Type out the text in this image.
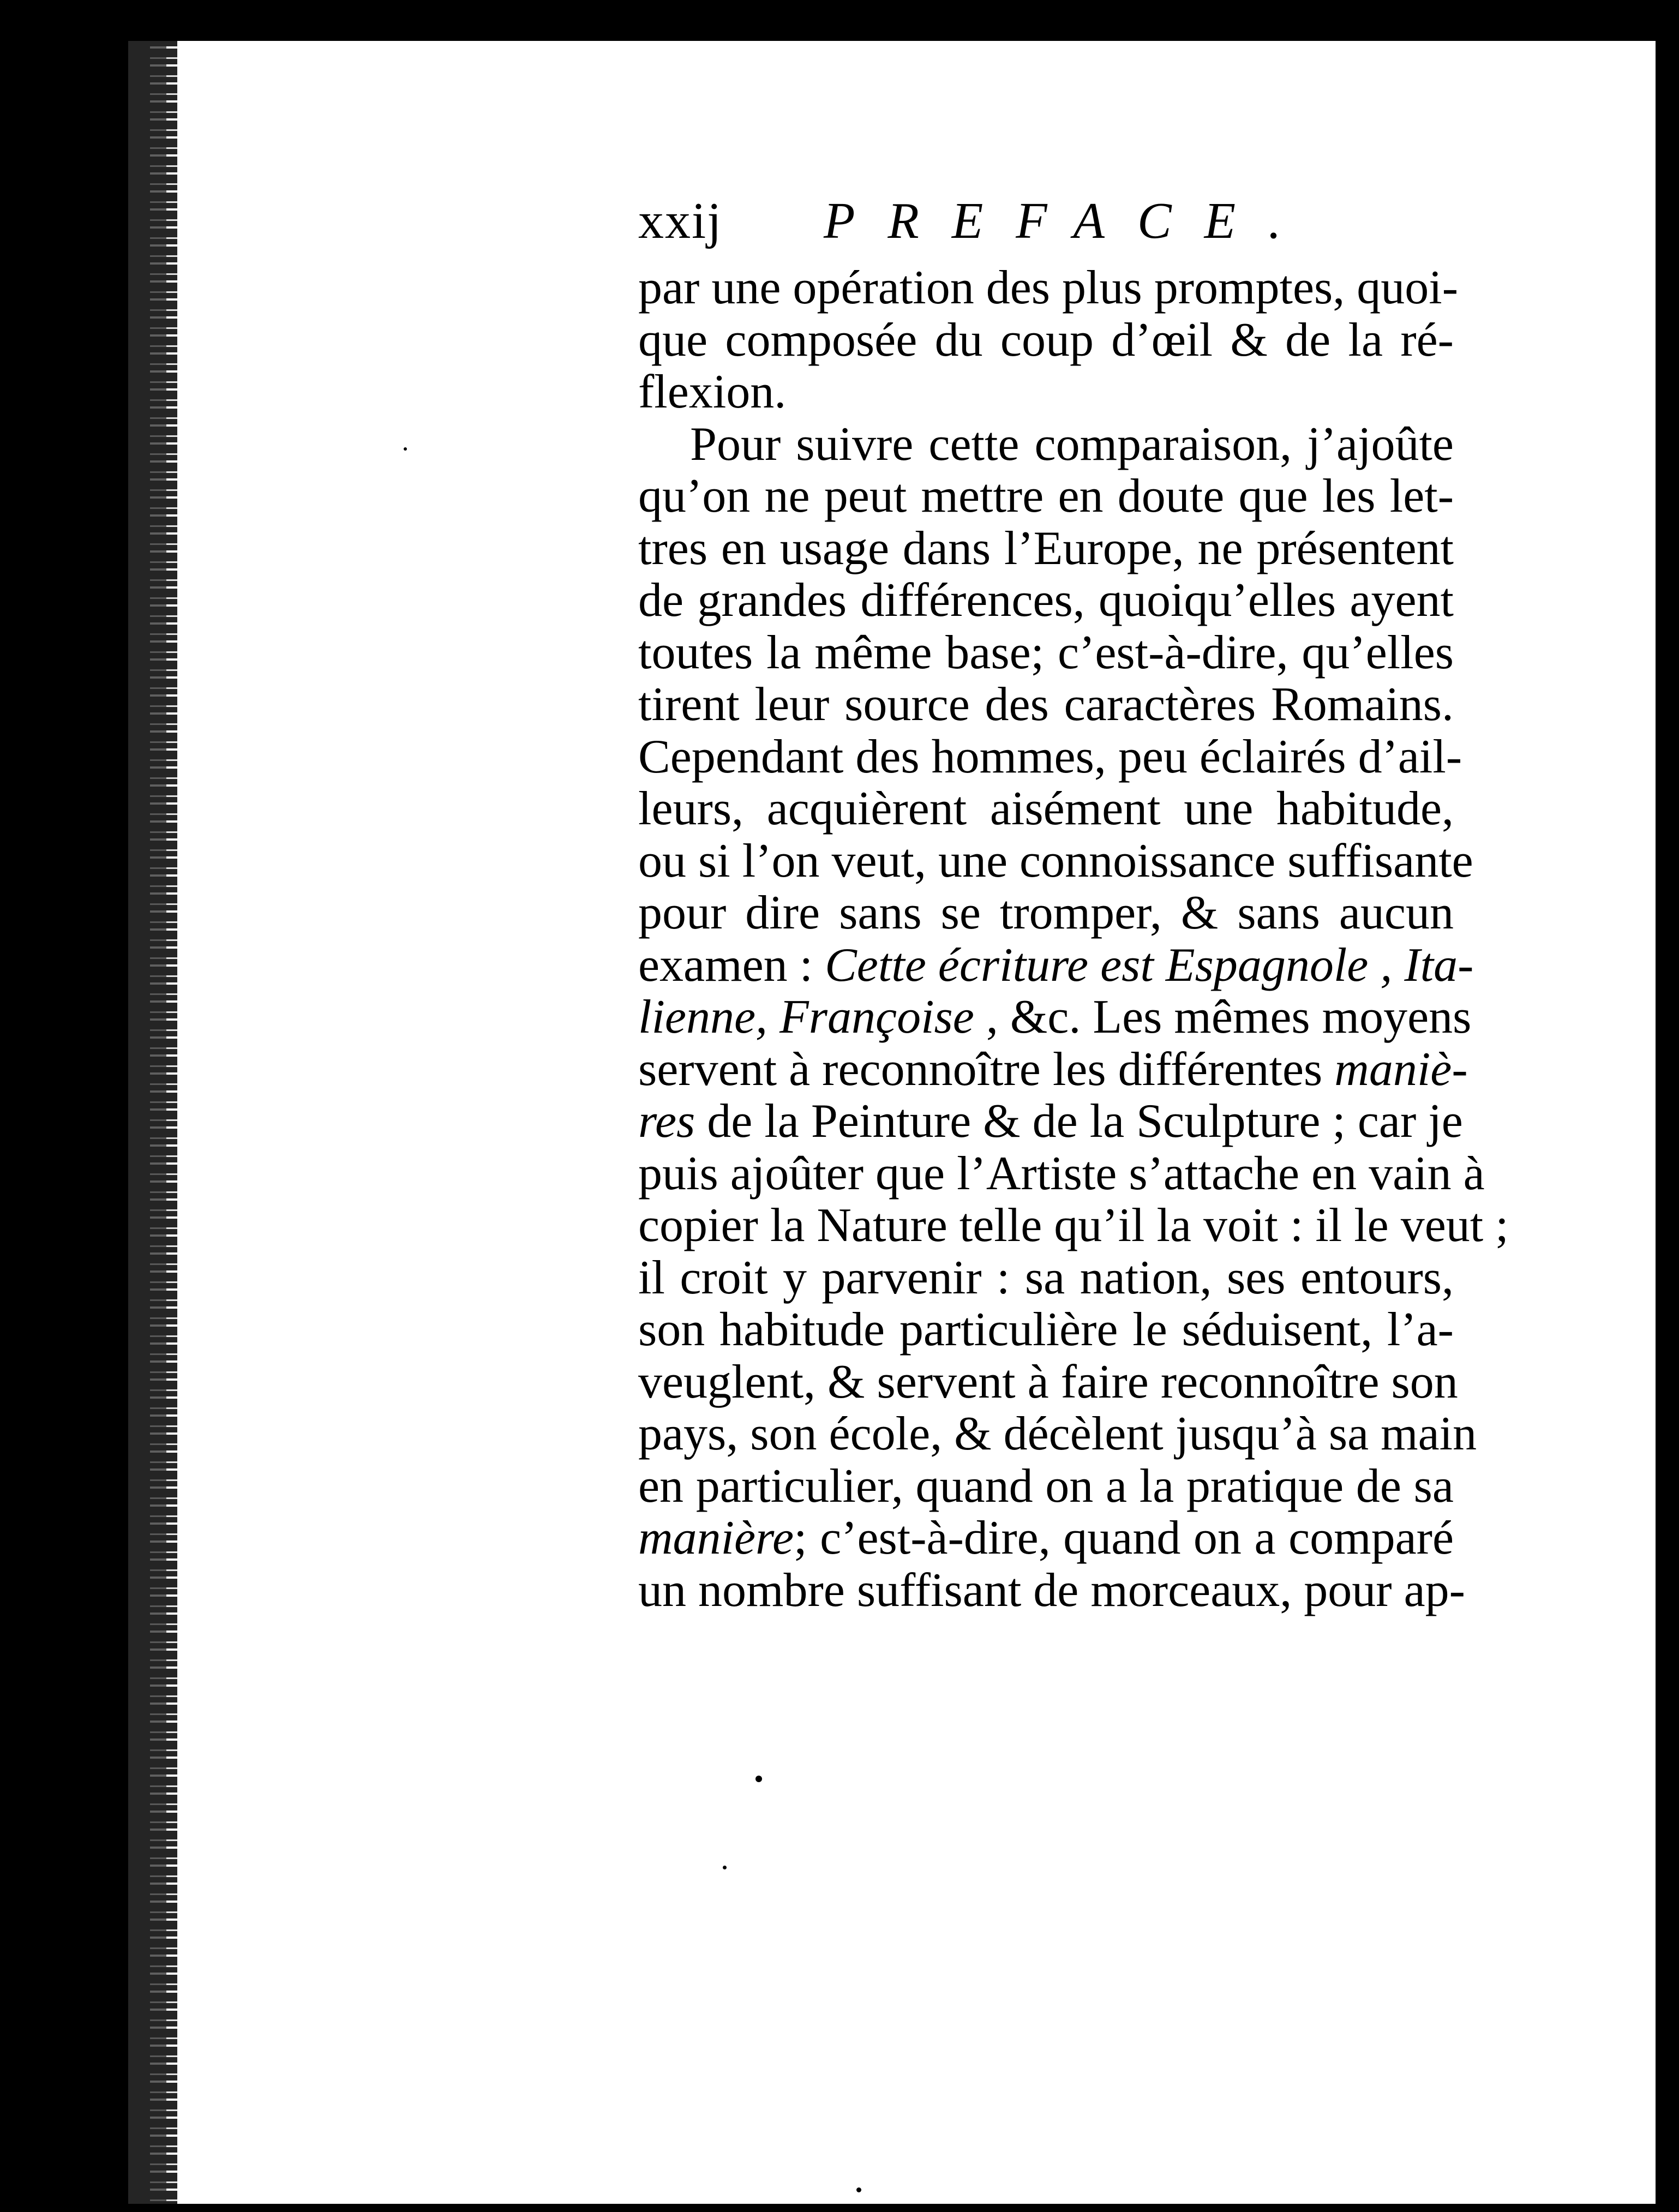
xxij PREFACE.
par une opération des plus promptes, quoi-
que composée du coup d’œil & de la ré-
flexion.
Pour suivre cette comparaison, j’ajoûte
qu’on ne peut mettre en doute que les let-
tres en usage dans l’Europe, ne présentent
de grandes différences, quoiqu’elles ayent
toutes la même base; c’est-à-dire, qu’elles
tirent leur source des caractères Romains.
Cependant des hommes, peu éclairés d’ail-
leurs, acquièrent aisément une habitude,
ou si l’on veut, une connoissance suffisante
pour dire sans se tromper, & sans aucun
examen : Cette écriture est Espagnole , Ita-
lienne, Françoise , &c. Les mêmes moyens
servent à reconnoître les différentes maniè-
res de la Peinture & de la Sculpture ; car je
puis ajoûter que l’Artiste s’attache en vain à
copier la Nature telle qu’il la voit : il le veut ;
il croit y parvenir : sa nation, ses entours,
son habitude particulière le séduisent, l’a-
veuglent, & servent à faire reconnoître son
pays, son école, & décèlent jusqu’à sa main
en particulier, quand on a la pratique de sa
manière; c’est-à-dire, quand on a comparé
un nombre suffisant de morceaux, pour ap-
